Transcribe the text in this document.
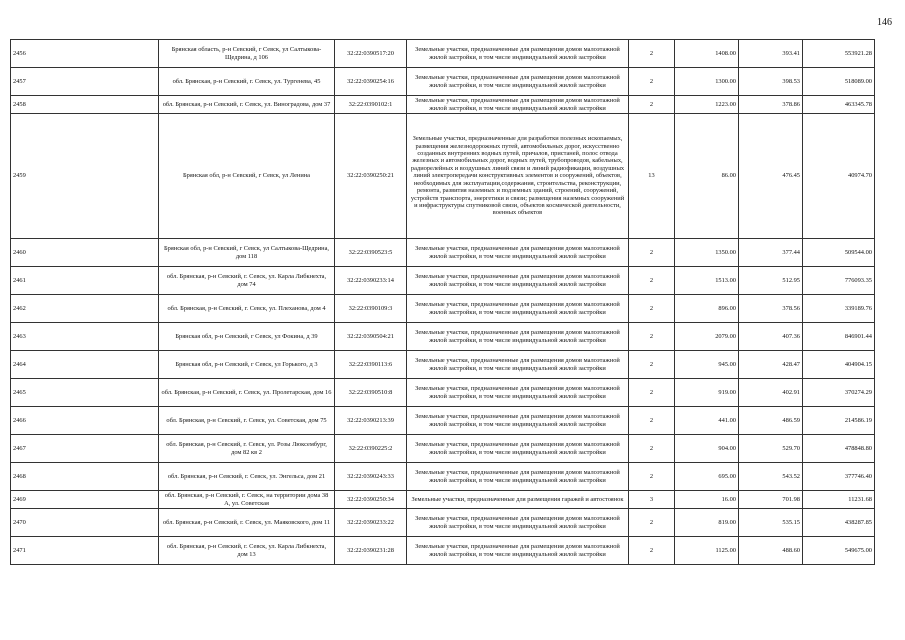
146
2456	Брянская область, р-н Севский, г Севск, ул Салтыкова-Щедрина, д 106	32:22:0390517:20	Земельные участки, предназначенные для размещения домов малоэтажной жилой застройки, в том числе индивидуальной жилой застройки	2	1408.00	393.41	553921.28
2457	обл. Брянская, р-н Севский, г. Севск, ул. Тургенева, 45	32:22:0390254:16	Земельные участки, предназначенные для размещения домов малоэтажной жилой застройки, в том числе индивидуальной жилой застройки	2	1300.00	398.53	518089.00
2458	обл. Брянская, р-н Севский, г. Севск, ул. Виноградова, дом 37	32:22:0390102:1	Земельные участки, предназначенные для размещения домов малоэтажной жилой застройки, в том числе индивидуальной жилой застройки	2	1223.00	378.86	463345.78
2459	Брянская обл, р-н Севский, г Севск, ул Ленина	32:22:0390250:21	Земельные участки, предназначенные для разработки полезных ископаемых, размещения железнодорожных путей, автомобильных дорог, искусственно созданных внутренних водных путей, причалов, пристаней, полос отвода железных и автомобильных дорог, водных путей, трубопроводов, кабельных, радиорелейных и воздушных линий связи и линий радиофикации, воздушных линий электропередачи конструктивных элементов и сооружений, объектов, необходимых для эксплуатации,содержания, строительства, реконструкции, ремонта, развития наземных и подземных зданий, строений, сооружений, устройств транспорта, энергетики и связи; размещения наземных сооружений и инфраструктуры спутниковой связи, объектов космической деятельности, военных объектов	13	86.00	476.45	40974.70
2460	Брянская обл, р-н Севский, г Севск, ул Салтыкова-Щедрина, дом 118	32:22:0390523:5	Земельные участки, предназначенные для размещения домов малоэтажной жилой застройки, в том числе индивидуальной жилой застройки	2	1350.00	377.44	509544.00
2461	обл. Брянская, р-н Севский, г. Севск, ул. Карла Либкнехта, дом 74	32:22:0390233:14	Земельные участки, предназначенные для размещения домов малоэтажной жилой застройки, в том числе индивидуальной жилой застройки	2	1513.00	512.95	776093.35
2462	обл. Брянская, р-н Севский, г. Севск, ул. Плеханова, дом 4	32:22:0390109:3	Земельные участки, предназначенные для размещения домов малоэтажной жилой застройки, в том числе индивидуальной жилой застройки	2	896.00	378.56	339189.76
2463	Брянская обл, р-н Севский, г Севск, ул Фокина, д 39	32:22:0390504:21	Земельные участки, предназначенные для размещения домов малоэтажной жилой застройки, в том числе индивидуальной жилой застройки	2	2079.00	407.36	846901.44
2464	Брянская обл, р-н Севский, г Севск, ул Горького, д 3	32:22:0390113:6	Земельные участки, предназначенные для размещения домов малоэтажной жилой застройки, в том числе индивидуальной жилой застройки	2	945.00	428.47	404904.15
2465	обл. Брянская, р-н Севский, г. Севск, ул. Пролетарская, дом 16	32:22:0390510:8	Земельные участки, предназначенные для размещения домов малоэтажной жилой застройки, в том числе индивидуальной жилой застройки	2	919.00	402.91	370274.29
2466	обл. Брянская, р-н Севский, г. Севск, ул. Советская, дом 75	32:22:0390213:39	Земельные участки, предназначенные для размещения домов малоэтажной жилой застройки, в том числе индивидуальной жилой застройки	2	441.00	486.59	214586.19
2467	обл. Брянская, р-н Севский, г. Севск, ул. Розы Люксембург, дом 82 кв 2	32:22:0390225:2	Земельные участки, предназначенные для размещения домов малоэтажной жилой застройки, в том числе индивидуальной жилой застройки	2	904.00	529.70	478848.80
2468	обл. Брянская, р-н Севский, г. Севск, ул. Энгельса, дом 21	32:22:0390243:33	Земельные участки, предназначенные для размещения домов малоэтажной жилой застройки, в том числе индивидуальной жилой застройки	2	695.00	543.52	377746.40
2469	обл. Брянская, р-н Севский, г. Севск, на территории дома 38 А, ул. Советская	32:22:0390250:34	Земельные участки, предназначенные для размещения гаражей и автостоянок	3	16.00	701.98	11231.68
2470	обл. Брянская, р-н Севский, г. Севск, ул. Маяковского, дом 11	32:22:0390233:22	Земельные участки, предназначенные для размещения домов малоэтажной жилой застройки, в том числе индивидуальной жилой застройки	2	819.00	535.15	438287.85
2471	обл. Брянская, р-н Севский, г. Севск, ул. Карла Либкнехта, дом 13	32:22:0390231:28	Земельные участки, предназначенные для размещения домов малоэтажной жилой застройки, в том числе индивидуальной жилой застройки	2	1125.00	488.60	549675.00
